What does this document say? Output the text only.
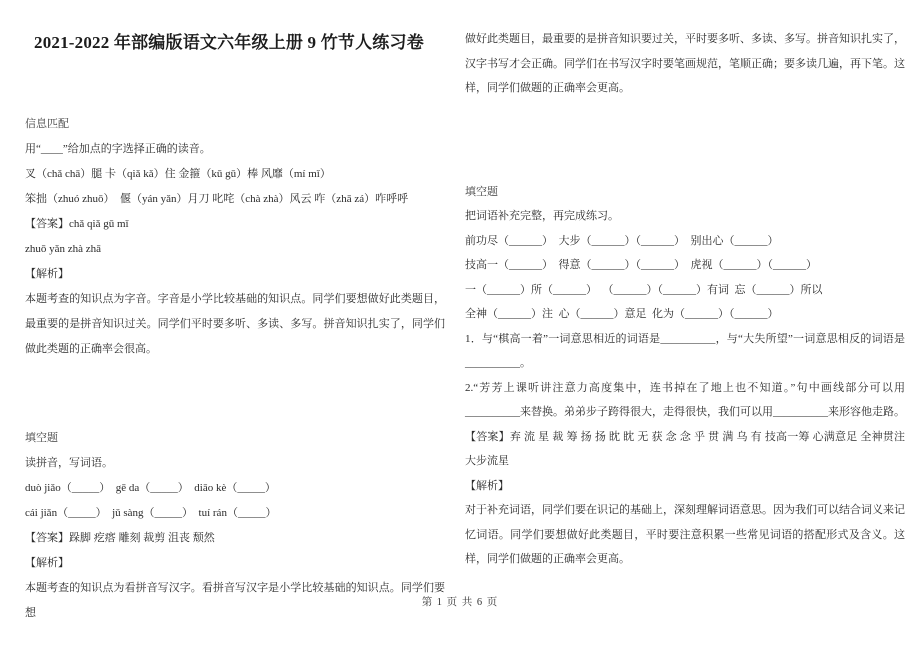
2021-2022 年部编版语文六年级上册 9 竹节人练习卷
信息匹配
用“____”给加点的字选择正确的读音。
叉（chǎ chā）腿 卡（qiǎ kǎ）住 金箍（kū gū）棒 风靡（mí mǐ）
笨拙（zhuó zhuō）  偃（yán yǎn）月刀 叱咤（chà zhà）风云 咋（zhā zá）咋呼呼
【答案】chǎ qiǎ gū mǐ
zhuō yǎn zhà zhā
【解析】
本题考查的知识点为字音。字音是小学比较基础的知识点。同学们要想做好此类题目，最重要的是拼音知识过关。同学们平时要多听、多读、多写。拼音知识扎实了，同学们做此类题的正确率会很高。
填空题
读拼音，写词语。
duò jiǎo（_____）  gē da（_____）  diāo kè（_____）
cái jiǎn（_____）  jǔ sàng（_____）  tuí rán（_____）
【答案】跺脚 疙瘩 雕刻 裁剪 沮丧 颓然
【解析】
本题考查的知识点为看拼音写汉字。看拼音写汉字是小学比较基础的知识点。同学们要想
做好此类题目，最重要的是拼音知识要过关，平时要多听、多读、多写。拼音知识扎实了，汉字书写才会正确。同学们在书写汉字时要笔画规范，笔顺正确；要多读几遍，再下笔。这样，同学们做题的正确率会更高。
填空题
把词语补充完整，再完成练习。
前功尽（______）  大步（______）（______）  别出心（______）
技高一（______）  得意（______）（______）  虎视（______）（______）
一（______）所（______）  （______）（______）有词  忘（______）所以
全神（______）注  心（______）意足  化为（______）（______）
1．与“棋高一着”一词意思相近的词语是__________，与“大失所望”一词意思相反的词语是__________。
2.“芳芳上课听讲注意力高度集中，连书掉在了地上也不知道。”句中画线部分可以用__________来替换。弟弟步子跨得很大，走得很快，我们可以用__________来形容他走路。
【答案】弃 流 星 裁 筹 扬 扬 眈 眈 无 获 念 念 乎 贯 满 乌 有 技高一筹 心满意足 全神贯注 大步流星
【解析】
对于补充词语，同学们要在识记的基础上，深刻理解词语意思。因为我们可以结合词义来记忆词语。同学们要想做好此类题目，平时要注意积累一些常见词语的搭配形式及含义。这样，同学们做题的正确率会更高。
第 1 页 共 6 页
